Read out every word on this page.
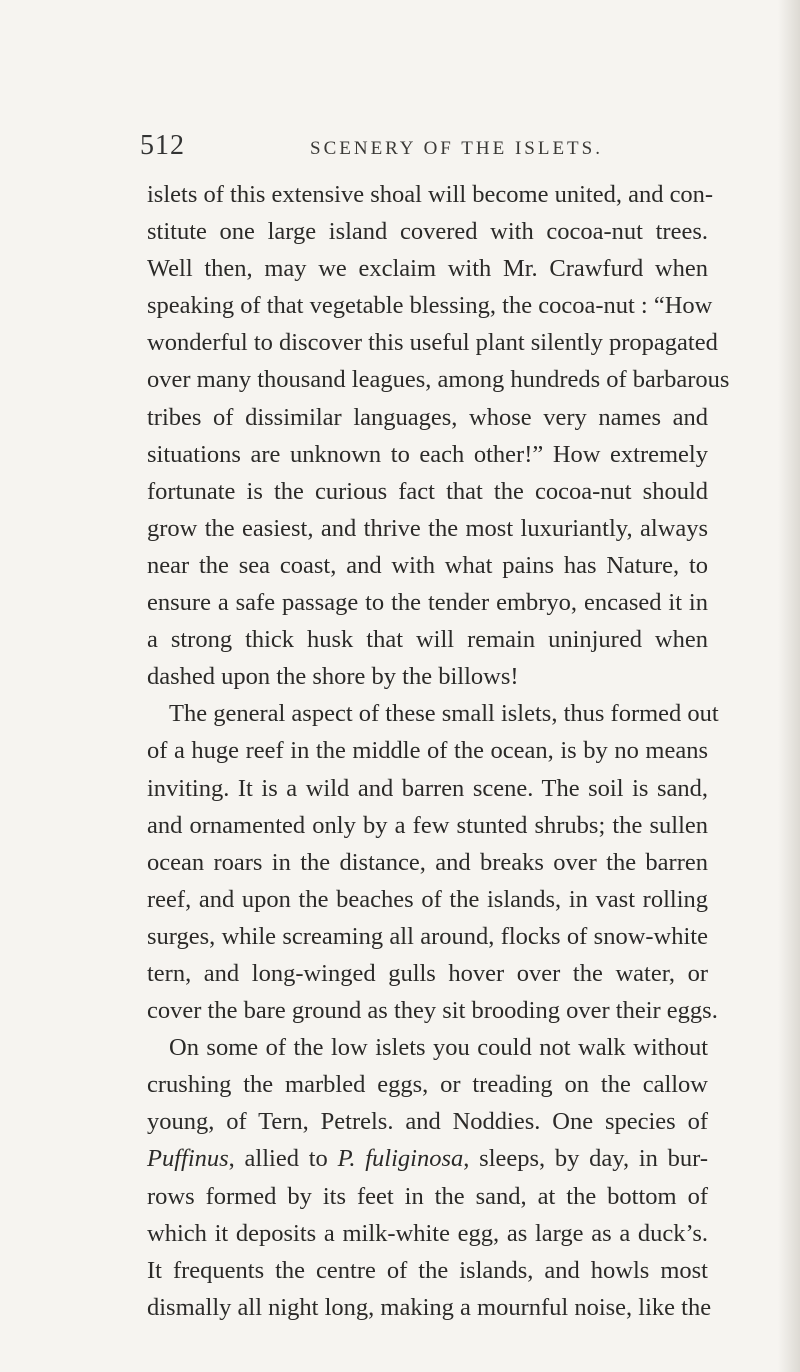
512	SCENERY OF THE ISLETS.
islets of this extensive shoal will become united, and con-
stitute one large island covered with cocoa-nut trees.
Well then, may we exclaim with Mr. Crawfurd when
speaking of that vegetable blessing, the cocoa-nut : “How
wonderful to discover this useful plant silently propagated
over many thousand leagues, among hundreds of barbarous
tribes of dissimilar languages, whose very names and
situations are unknown to each other!” How extremely
fortunate is the curious fact that the cocoa-nut should
grow the easiest, and thrive the most luxuriantly, always
near the sea coast, and with what pains has Nature, to
ensure a safe passage to the tender embryo, encased it in
a strong thick husk that will remain uninjured when
dashed upon the shore by the billows!
The general aspect of these small islets, thus formed out
of a huge reef in the middle of the ocean, is by no means
inviting. It is a wild and barren scene. The soil is sand,
and ornamented only by a few stunted shrubs; the sullen
ocean roars in the distance, and breaks over the barren
reef, and upon the beaches of the islands, in vast rolling
surges, while screaming all around, flocks of snow-white
tern, and long-winged gulls hover over the water, or
cover the bare ground as they sit brooding over their eggs.
On some of the low islets you could not walk without
crushing the marbled eggs, or treading on the callow
young, of Tern, Petrels. and Noddies. One species of
Puffinus, allied to P. fuliginosa, sleeps, by day, in bur-
rows formed by its feet in the sand, at the bottom of
which it deposits a milk-white egg, as large as a duck’s.
It frequents the centre of the islands, and howls most
dismally all night long, making a mournful noise, like the
